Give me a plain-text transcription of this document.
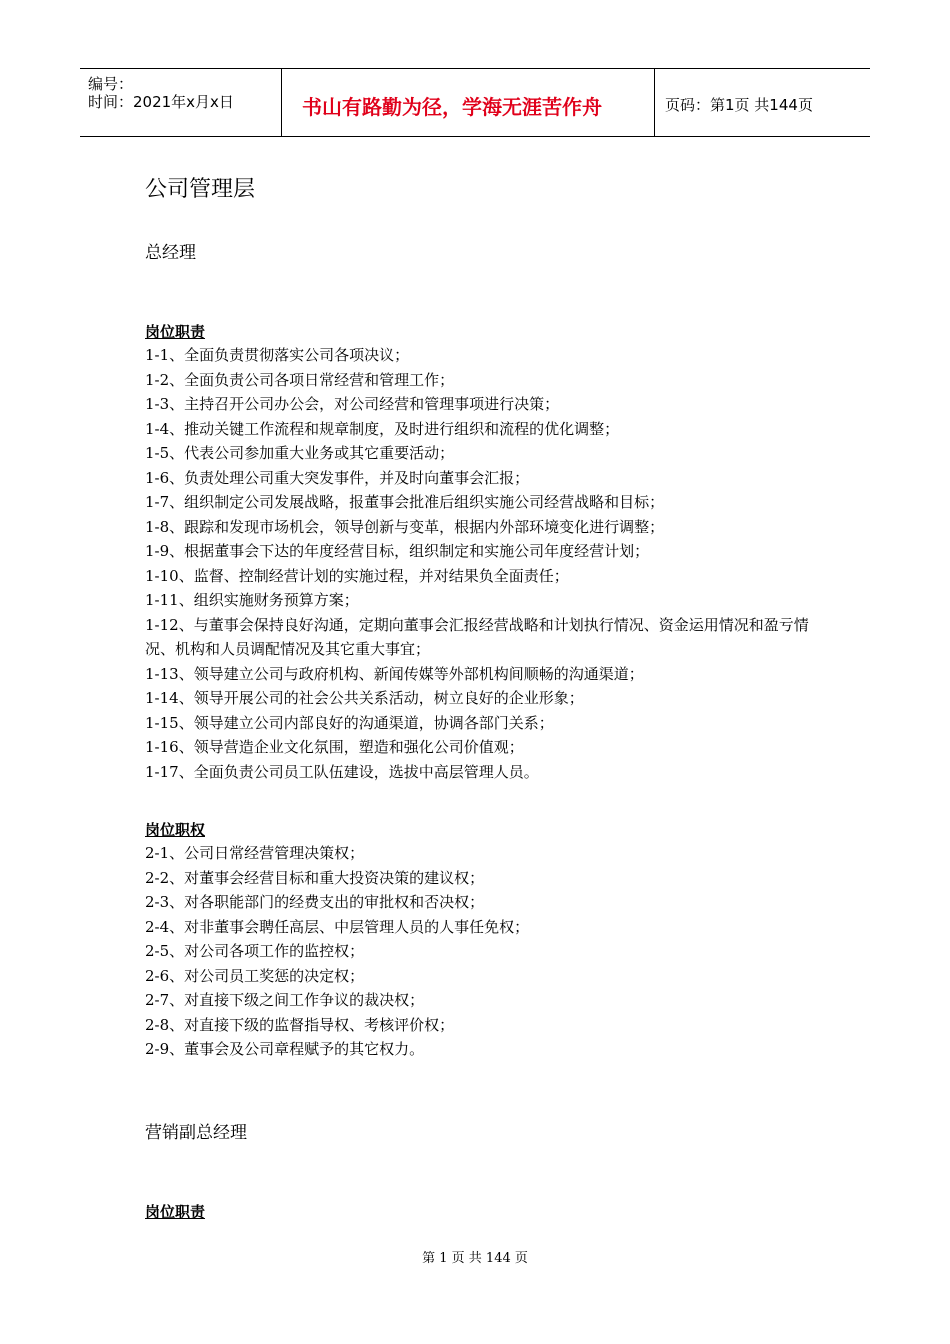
编号：
时间：2021年x月x日	书山有路勤为径，学海无涯苦作舟	页码：第1页 共144页
公司管理层
总经理
岗位职责
1-1、全面负责贯彻落实公司各项决议；
1-2、全面负责公司各项日常经营和管理工作；
1-3、主持召开公司办公会，对公司经营和管理事项进行决策；
1-4、推动关键工作流程和规章制度，及时进行组织和流程的优化调整；
1-5、代表公司参加重大业务或其它重要活动；
1-6、负责处理公司重大突发事件，并及时向董事会汇报；
1-7、组织制定公司发展战略，报董事会批准后组织实施公司经营战略和目标；
1-8、跟踪和发现市场机会，领导创新与变革，根据内外部环境变化进行调整；
1-9、根据董事会下达的年度经营目标，组织制定和实施公司年度经营计划；
1-10、监督、控制经营计划的实施过程，并对结果负全面责任；
1-11、组织实施财务预算方案；
1-12、与董事会保持良好沟通，定期向董事会汇报经营战略和计划执行情况、资金运用情况和盈亏情况、机构和人员调配情况及其它重大事宜；
1-13、领导建立公司与政府机构、新闻传媒等外部机构间顺畅的沟通渠道；
1-14、领导开展公司的社会公共关系活动，树立良好的企业形象；
1-15、领导建立公司内部良好的沟通渠道，协调各部门关系；
1-16、领导营造企业文化氛围，塑造和强化公司价值观；
1-17、全面负责公司员工队伍建设，选拔中高层管理人员。
岗位职权
2-1、公司日常经营管理决策权；
2-2、对董事会经营目标和重大投资决策的建议权；
2-3、对各职能部门的经费支出的审批权和否决权；
2-4、对非董事会聘任高层、中层管理人员的人事任免权；
2-5、对公司各项工作的监控权；
2-6、对公司员工奖惩的决定权；
2-7、对直接下级之间工作争议的裁决权；
2-8、对直接下级的监督指导权、考核评价权；
2-9、董事会及公司章程赋予的其它权力。
营销副总经理
岗位职责
第 1 页 共 144 页
